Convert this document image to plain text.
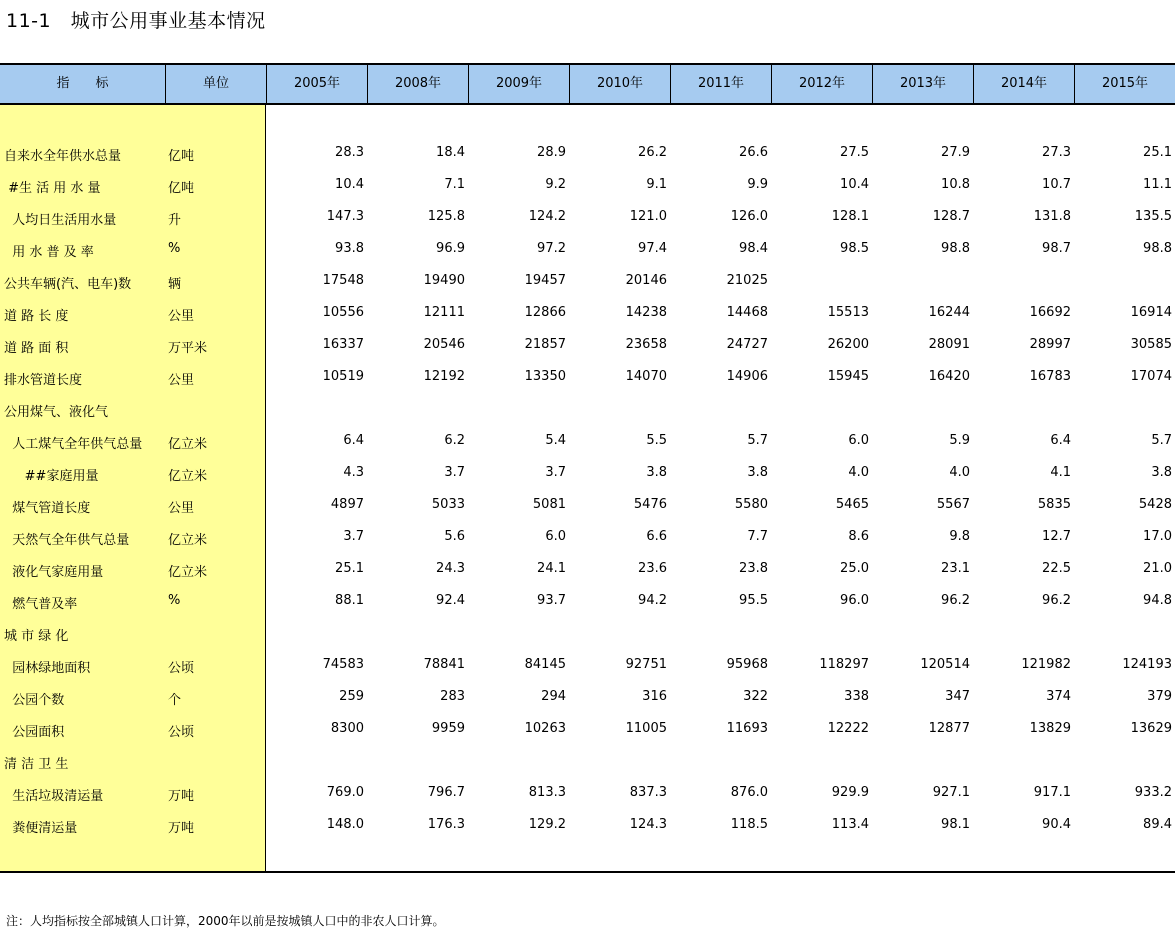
11-1　城市公用事业基本情况
指　　标	单位	2005年	2008年	2009年	2010年	2011年	2012年	2013年	2014年	2015年
自来水全年供水总量	亿吨	28.3	18.4	28.9	26.2	26.6	27.5	27.9	27.3	25.1
#生 活 用 水 量	亿吨	10.4	7.1	9.2	9.1	9.9	10.4	10.8	10.7	11.1
人均日生活用水量	升	147.3	125.8	124.2	121.0	126.0	128.1	128.7	131.8	135.5
用 水 普 及 率	%	93.8	96.9	97.2	97.4	98.4	98.5	98.8	98.7	98.8
公共车辆(汽、电车)数	辆	17548	19490	19457	20146	21025
道 路 长 度	公里	10556	12111	12866	14238	14468	15513	16244	16692	16914
道 路 面 积	万平米	16337	20546	21857	23658	24727	26200	28091	28997	30585
排水管道长度	公里	10519	12192	13350	14070	14906	15945	16420	16783	17074
公用煤气、液化气
人工煤气全年供气总量 亿立米	6.4	6.2	5.4	5.5	5.7	6.0	5.9	6.4	5.7
##家庭用量	亿立米	4.3	3.7	3.7	3.8	3.8	4.0	4.0	4.1	3.8
煤气管道长度	公里	4897	5033	5081	5476	5580	5465	5567	5835	5428
天然气全年供气总量	亿立米	3.7	5.6	6.0	6.6	7.7	8.6	9.8	12.7	17.0
液化气家庭用量	亿立米	25.1	24.3	24.1	23.6	23.8	25.0	23.1	22.5	21.0
燃气普及率	%	88.1	92.4	93.7	94.2	95.5	96.0	96.2	96.2	94.8
城 市 绿 化
园林绿地面积	公顷	74583	78841	84145	92751	95968	118297	120514	121982	124193
公园个数	个	259	283	294	316	322	338	347	374	379
公园面积	公顷	8300	9959	10263	11005	11693	12222	12877	13829	13629
清 洁 卫 生
生活垃圾清运量	万吨	769.0	796.7	813.3	837.3	876.0	929.9	927.1	917.1	933.2
粪便清运量	万吨	148.0	176.3	129.2	124.3	118.5	113.4	98.1	90.4	89.4
注：人均指标按全部城镇人口计算，2000年以前是按城镇人口中的非农人口计算。
